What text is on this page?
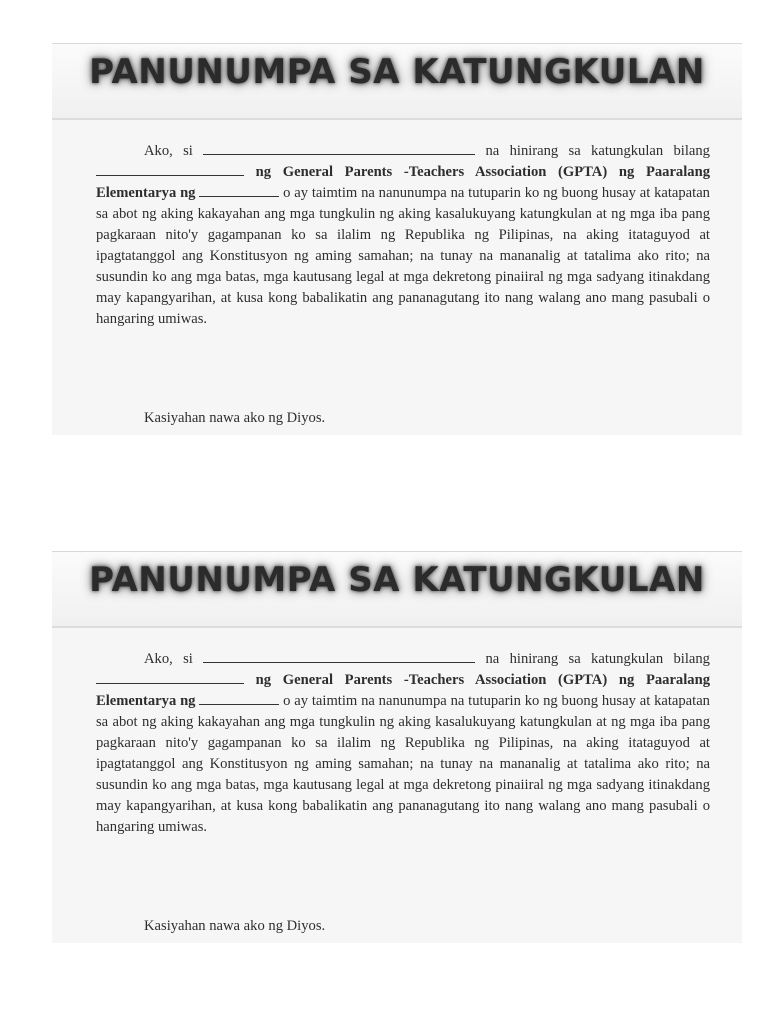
PANUNUMPA SA KATUNGKULAN

Ako, si	na hinirang sa katungkulan bilang  ng General Parents -Teachers Association (GPTA) ng Paaralang Elementarya ng	o ay taimtim na nanunumpa na tutuparin ko ng buong husay at katapatan sa abot ng aking kakayahan ang mga tungkulin ng aking kasalukuyang katungkulan at ng mga iba pang pagkaraan nito'y gagampanan ko sa ilalim ng Republika ng Pilipinas, na aking itataguyod at ipagtatanggol ang Konstitusyon ng aming samahan; na tunay na mananalig at tatalima ako rito; na susundin ko ang mga batas, mga kautusang legal at mga dekretong pinaiiral ng mga sadyang itinakdang may kapangyarihan, at kusa kong babalikatin ang pananagutang ito nang walang ano mang pasubali o hangaring umiwas.

Kasiyahan nawa ako ng Diyos.
PANUNUMPA SA KATUNGKULAN

Ako, si	na hinirang sa katungkulan bilang  ng General Parents -Teachers Association (GPTA) ng Paaralang Elementarya ng	o ay taimtim na nanunumpa na tutuparin ko ng buong husay at katapatan sa abot ng aking kakayahan ang mga tungkulin ng aking kasalukuyang katungkulan at ng mga iba pang pagkaraan nito'y gagampanan ko sa ilalim ng Republika ng Pilipinas, na aking itataguyod at ipagtatanggol ang Konstitusyon ng aming samahan; na tunay na mananalig at tatalima ako rito; na susundin ko ang mga batas, mga kautusang legal at mga dekretong pinaiiral ng mga sadyang itinakdang may kapangyarihan, at kusa kong babalikatin ang pananagutang ito nang walang ano mang pasubali o hangaring umiwas.

Kasiyahan nawa ako ng Diyos.
